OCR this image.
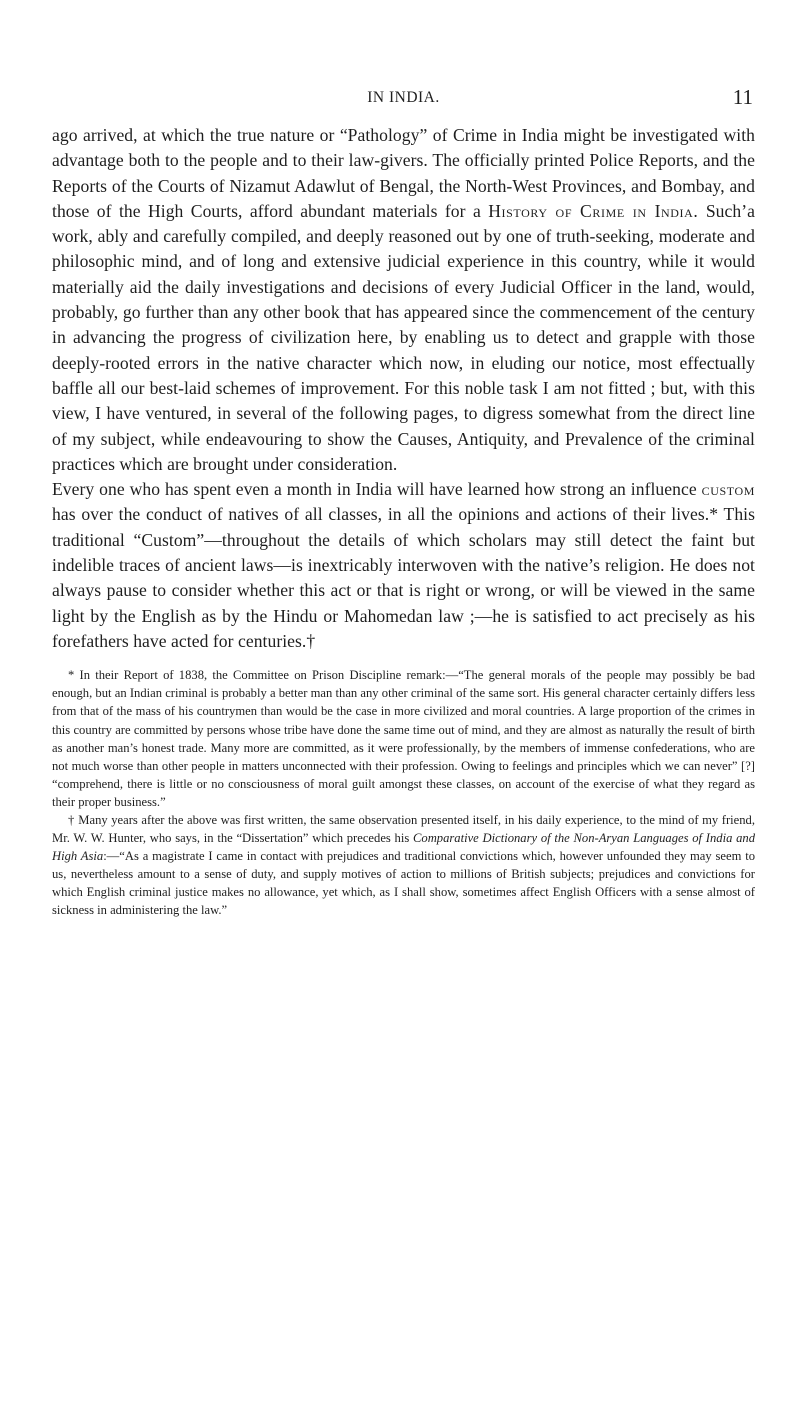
IN INDIA.	11

ago arrived, at which the true nature or “Pathology” of Crime in India might be investigated with advantage both to the people and to their law-givers. The officially printed Police Reports, and the Reports of the Courts of Nizamut Adawlut of Bengal, the North-West Provinces, and Bombay, and those of the High Courts, afford abundant materials for a History of Crime in India. Such’a work, ably and carefully compiled, and deeply reasoned out by one of truth-seeking, moderate and philosophic mind, and of long and extensive judicial experience in this country, while it would materially aid the daily investigations and decisions of every Judicial Officer in the land, would, probably, go further than any other book that has appeared since the commencement of the century in advancing the progress of civilization here, by enabling us to detect and grapple with those deeply-rooted errors in the native character which now, in eluding our notice, most effectually baffle all our best-laid schemes of improvement. For this noble task I am not fitted ; but, with this view, I have ventured, in several of the following pages, to digress somewhat from the direct line of my subject, while endeavouring to show the Causes, Antiquity, and Prevalence of the criminal practices which are brought under consideration.

Every one who has spent even a month in India will have learned how strong an influence custom has over the conduct of natives of all classes, in all the opinions and actions of their lives.* This traditional “Custom”—throughout the details of which scholars may still detect the faint but indelible traces of ancient laws—is inextricably interwoven with the native’s religion. He does not always pause to consider whether this act or that is right or wrong, or will be viewed in the same light by the English as by the Hindu or Mahomedan law ;—he is satisfied to act precisely as his forefathers have acted for centuries.†

* In their Report of 1838, the Committee on Prison Discipline remark:—“The general morals of the people may possibly be bad enough, but an Indian criminal is probably a better man than any other criminal of the same sort. His general character certainly differs less from that of the mass of his countrymen than would be the case in more civilized and moral countries. A large proportion of the crimes in this country are committed by persons whose tribe have done the same time out of mind, and they are almost as naturally the result of birth as another man’s honest trade. Many more are committed, as it were professionally, by the members of immense confederations, who are not much worse than other people in matters unconnected with their profession. Owing to feelings and principles which we can never” [?] “comprehend, there is little or no consciousness of moral guilt amongst these classes, on account of the exercise of what they regard as their proper business.”

† Many years after the above was first written, the same observation presented itself, in his daily experience, to the mind of my friend, Mr. W. W. Hunter, who says, in the “Dissertation” which precedes his Comparative Dictionary of the Non-Aryan Languages of India and High Asia:—“As a magistrate I came in contact with prejudices and traditional convictions which, however unfounded they may seem to us, nevertheless amount to a sense of duty, and supply motives of action to millions of British subjects; prejudices and convictions for which English criminal justice makes no allowance, yet which, as I shall show, sometimes affect English Officers with a sense almost of sickness in administering the law.”
